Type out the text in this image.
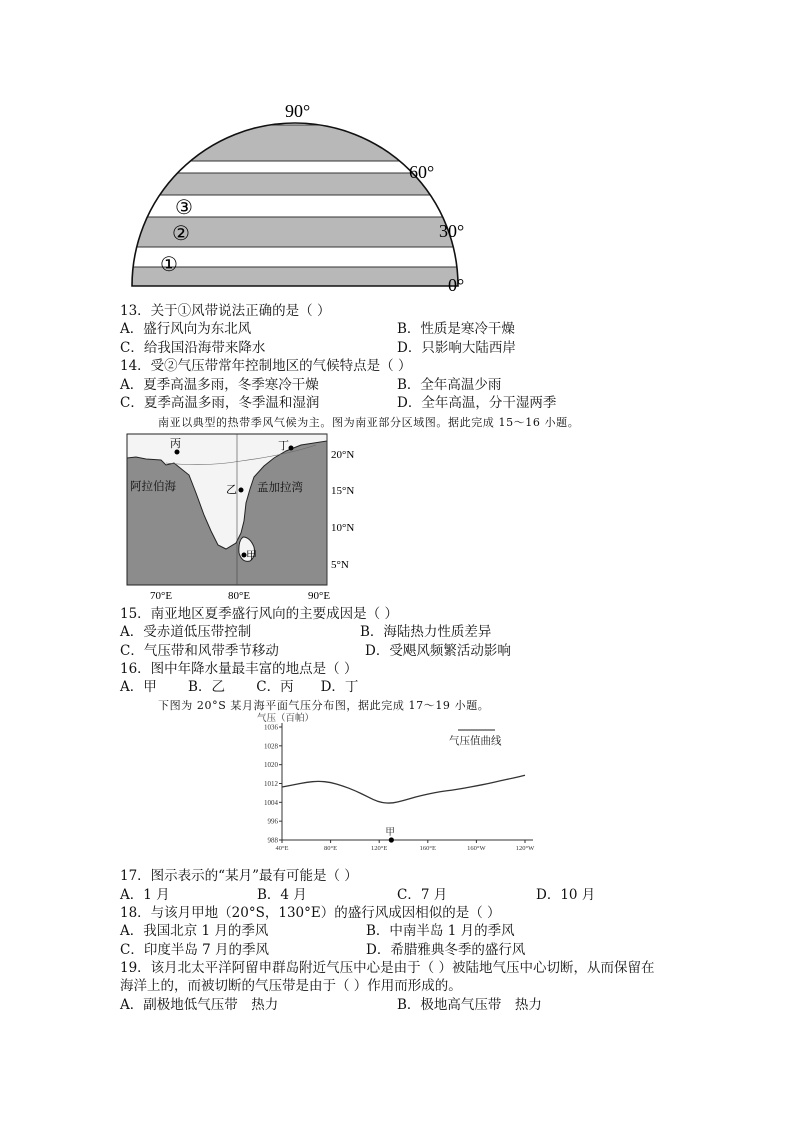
90°
60°
30°
0°
③
②
①
13．关于①风带说法正确的是（ ）
A．盛行风向为东北风	B．性质是寒冷干燥
C．给我国沿海带来降水	D．只影响大陆西岸
14．受②气压带常年控制地区的气候特点是（ ）
A．夏季高温多雨，冬季寒冷干燥	B．全年高温少雨
C．夏季高温多雨，冬季温和湿润	D．全年高温，分干湿两季
南亚以典型的热带季风气候为主。图为南亚部分区域图。据此完成 15～16 小题。
丙	丁
乙
甲
阿拉伯海	孟加拉湾
20°N
15°N
10°N
5°N
70°E	80°E	90°E
15．南亚地区夏季盛行风向的主要成因是（ ）
A．受赤道低压带控制	B．海陆热力性质差异
C．气压带和风带季节移动	D．受飓风频繁活动影响
16．图中年降水量最丰富的地点是（ ）
A．甲　　 B．乙　　 C．丙　　D．丁
下图为 20°S 某月海平面气压分布图，据此完成 17～19 小题。
气压（百帕）
气压值曲线
988
996
1004
1012
1020
1028
1036
40°E	80°E	120°E	160°E	160°W	120°W
甲
17．图示表示的“某月”最有可能是（ ）
A．1 月	B．4 月	C．7 月	D．10 月
18．与该月甲地（20°S，130°E）的盛行风成因相似的是（ ）
A．我国北京 1 月的季风	B．中南半岛 1 月的季风
C．印度半岛 7 月的季风	D．希腊雅典冬季的盛行风
19．该月北太平洋阿留申群岛附近气压中心是由于（ ）被陆地气压中心切断，从而保留在
海洋上的，而被切断的气压带是由于（ ）作用而形成的。
A．副极地低气压带　热力	B．极地高气压带　热力
